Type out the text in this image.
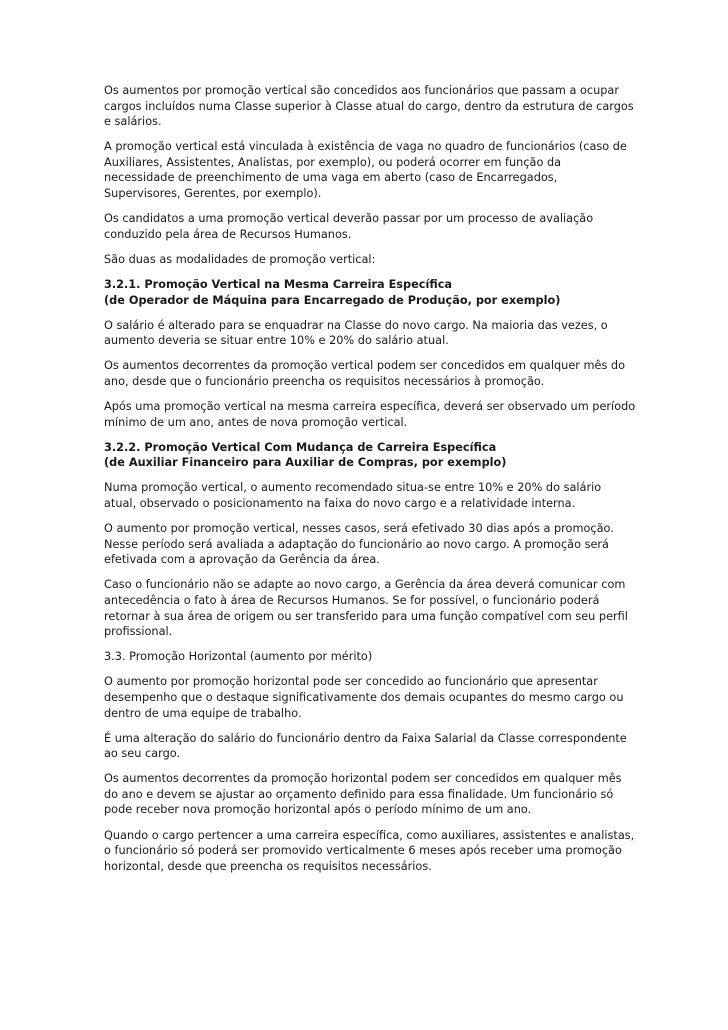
Os aumentos por promoção vertical são concedidos aos funcionários que passam a ocupar
cargos incluídos numa Classe superior à Classe atual do cargo, dentro da estrutura de cargos
e salários.

A promoção vertical está vinculada à existência de vaga no quadro de funcionários (caso de
Auxiliares, Assistentes, Analistas, por exemplo), ou poderá ocorrer em função da
necessidade de preenchimento de uma vaga em aberto (caso de Encarregados,
Supervisores, Gerentes, por exemplo).

Os candidatos a uma promoção vertical deverão passar por um processo de avaliação
conduzido pela área de Recursos Humanos.

São duas as modalidades de promoção vertical:

3.2.1. Promoção Vertical na Mesma Carreira Específica
(de Operador de Máquina para Encarregado de Produção, por exemplo)

O salário é alterado para se enquadrar na Classe do novo cargo. Na maioria das vezes, o
aumento deveria se situar entre 10% e 20% do salário atual.

Os aumentos decorrentes da promoção vertical podem ser concedidos em qualquer mês do
ano, desde que o funcionário preencha os requisitos necessários à promoção.

Após uma promoção vertical na mesma carreira específica, deverá ser observado um período
mínimo de um ano, antes de nova promoção vertical.

3.2.2. Promoção Vertical Com Mudança de Carreira Específica
(de Auxiliar Financeiro para Auxiliar de Compras, por exemplo)

Numa promoção vertical, o aumento recomendado situa-se entre 10% e 20% do salário
atual, observado o posicionamento na faixa do novo cargo e a relatividade interna.

O aumento por promoção vertical, nesses casos, será efetivado 30 dias após a promoção.
Nesse período será avaliada a adaptação do funcionário ao novo cargo. A promoção será
efetivada com a aprovação da Gerência da área.

Caso o funcionário não se adapte ao novo cargo, a Gerência da área deverá comunicar com
antecedência o fato à área de Recursos Humanos. Se for possível, o funcionário poderá
retornar à sua área de origem ou ser transferido para uma função compatível com seu perfil
profissional.

3.3. Promoção Horizontal (aumento por mérito)

O aumento por promoção horizontal pode ser concedido ao funcionário que apresentar
desempenho que o destaque significativamente dos demais ocupantes do mesmo cargo ou
dentro de uma equipe de trabalho.

É uma alteração do salário do funcionário dentro da Faixa Salarial da Classe correspondente
ao seu cargo.

Os aumentos decorrentes da promoção horizontal podem ser concedidos em qualquer mês
do ano e devem se ajustar ao orçamento definido para essa finalidade. Um funcionário só
pode receber nova promoção horizontal após o período mínimo de um ano.

Quando o cargo pertencer a uma carreira específica, como auxiliares, assistentes e analistas,
o funcionário só poderá ser promovido verticalmente 6 meses após receber uma promoção
horizontal, desde que preencha os requisitos necessários.
